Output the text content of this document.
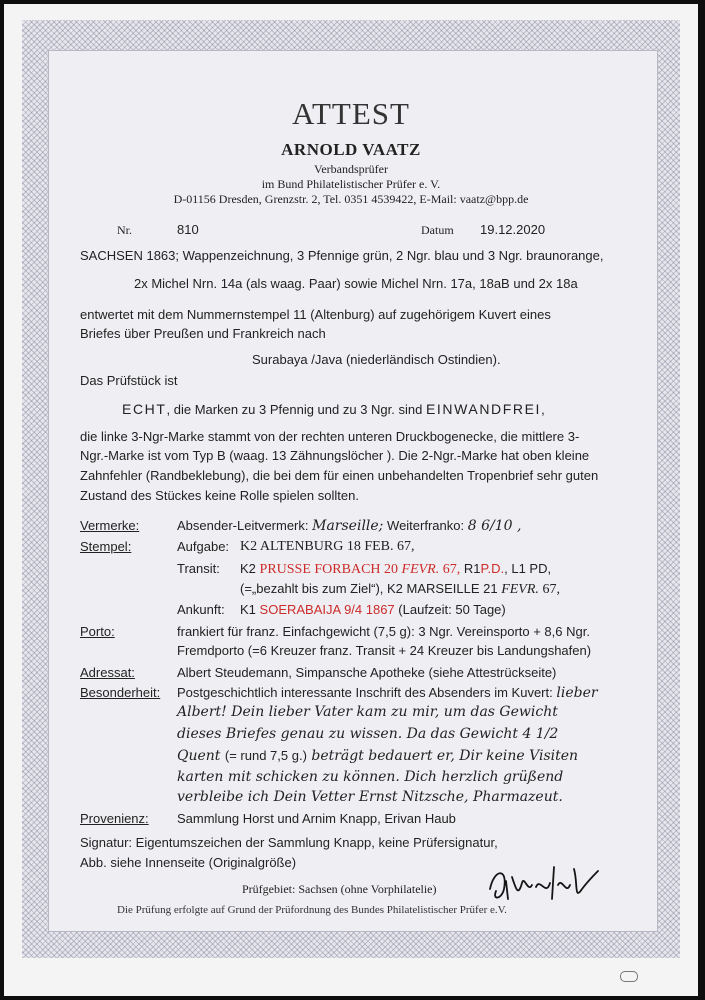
ATTEST
ARNOLD VAATZ
Verbandsprüfer
im Bund Philatelistischer Prüfer e. V.
D-01156 Dresden, Grenzstr. 2, Tel. 0351 4539422, E-Mail: vaatz@bpp.de
Nr.	810	Datum 19.12.2020
SACHSEN 1863; Wappenzeichnung, 3 Pfennige grün, 2 Ngr. blau und 3 Ngr. braunorange,
2x Michel Nrn. 14a (als waag. Paar) sowie Michel Nrn. 17a, 18aB und 2x 18a
entwertet mit dem Nummernstempel 11 (Altenburg) auf zugehörigem Kuvert eines
Briefes über Preußen und Frankreich nach
Surabaya /Java (niederländisch Ostindien).
Das Prüfstück ist
ECHT, die Marken zu 3 Pfennig und zu 3 Ngr. sind EINWANDFREI,
die linke 3-Ngr-Marke stammt von der rechten unteren Druckbogenecke, die mittlere 3-
Ngr.-Marke ist vom Typ B (waag. 13 Zähnungslöcher ). Die 2-Ngr.-Marke hat oben kleine
Zahnfehler (Randbeklebung), die bei dem für einen unbehandelten Tropenbrief sehr guten
Zustand des Stückes keine Rolle spielen sollten.
Vermerke:	Absender-Leitvermerk: Marseille; Weiterfranko: 8 6/10 ,
Stempel:	Aufgabe: K2 ALTENBURG 18 FEB. 67,
Transit: K2 PRUSSE FORBACH 20 FEVR. 67, R1P.D., L1 PD,
(=„bezahlt bis zum Ziel“), K2 MARSEILLE 21 FEVR. 67,
Ankunft: K1 SOERABAIJA 9/4 1867 (Laufzeit: 50 Tage)
Porto:	frankiert für franz. Einfachgewicht (7,5 g): 3 Ngr. Vereinsporto + 8,6 Ngr.
Fremdporto (=6 Kreuzer franz. Transit + 24 Kreuzer bis Landungshafen)
Adressat:	Albert Steudemann, Simpansche Apotheke (siehe Attestrückseite)
Besonderheit: Postgeschichtlich interessante Inschrift des Absenders im Kuvert: lieber
Albert! Dein lieber Vater kam zu mir, um das Gewicht
dieses Briefes genau zu wissen. Da das Gewicht 4 1/2
Quent (= rund 7,5 g.) beträgt bedauert er, Dir keine Visiten
karten mit schicken zu können. Dich herzlich grüßend
verbleibe ich Dein Vetter Ernst Nitzsche, Pharmazeut.
Provenienz: Sammlung Horst und Arnim Knapp, Erivan Haub
Signatur: Eigentumszeichen der Sammlung Knapp, keine Prüfersignatur,
Abb. siehe Innenseite (Originalgröße)
Prüfgebiet: Sachsen (ohne Vorphilatelie)
Die Prüfung erfolgte auf Grund der Prüfordnung des Bundes Philatelistischer Prüfer e.V.
